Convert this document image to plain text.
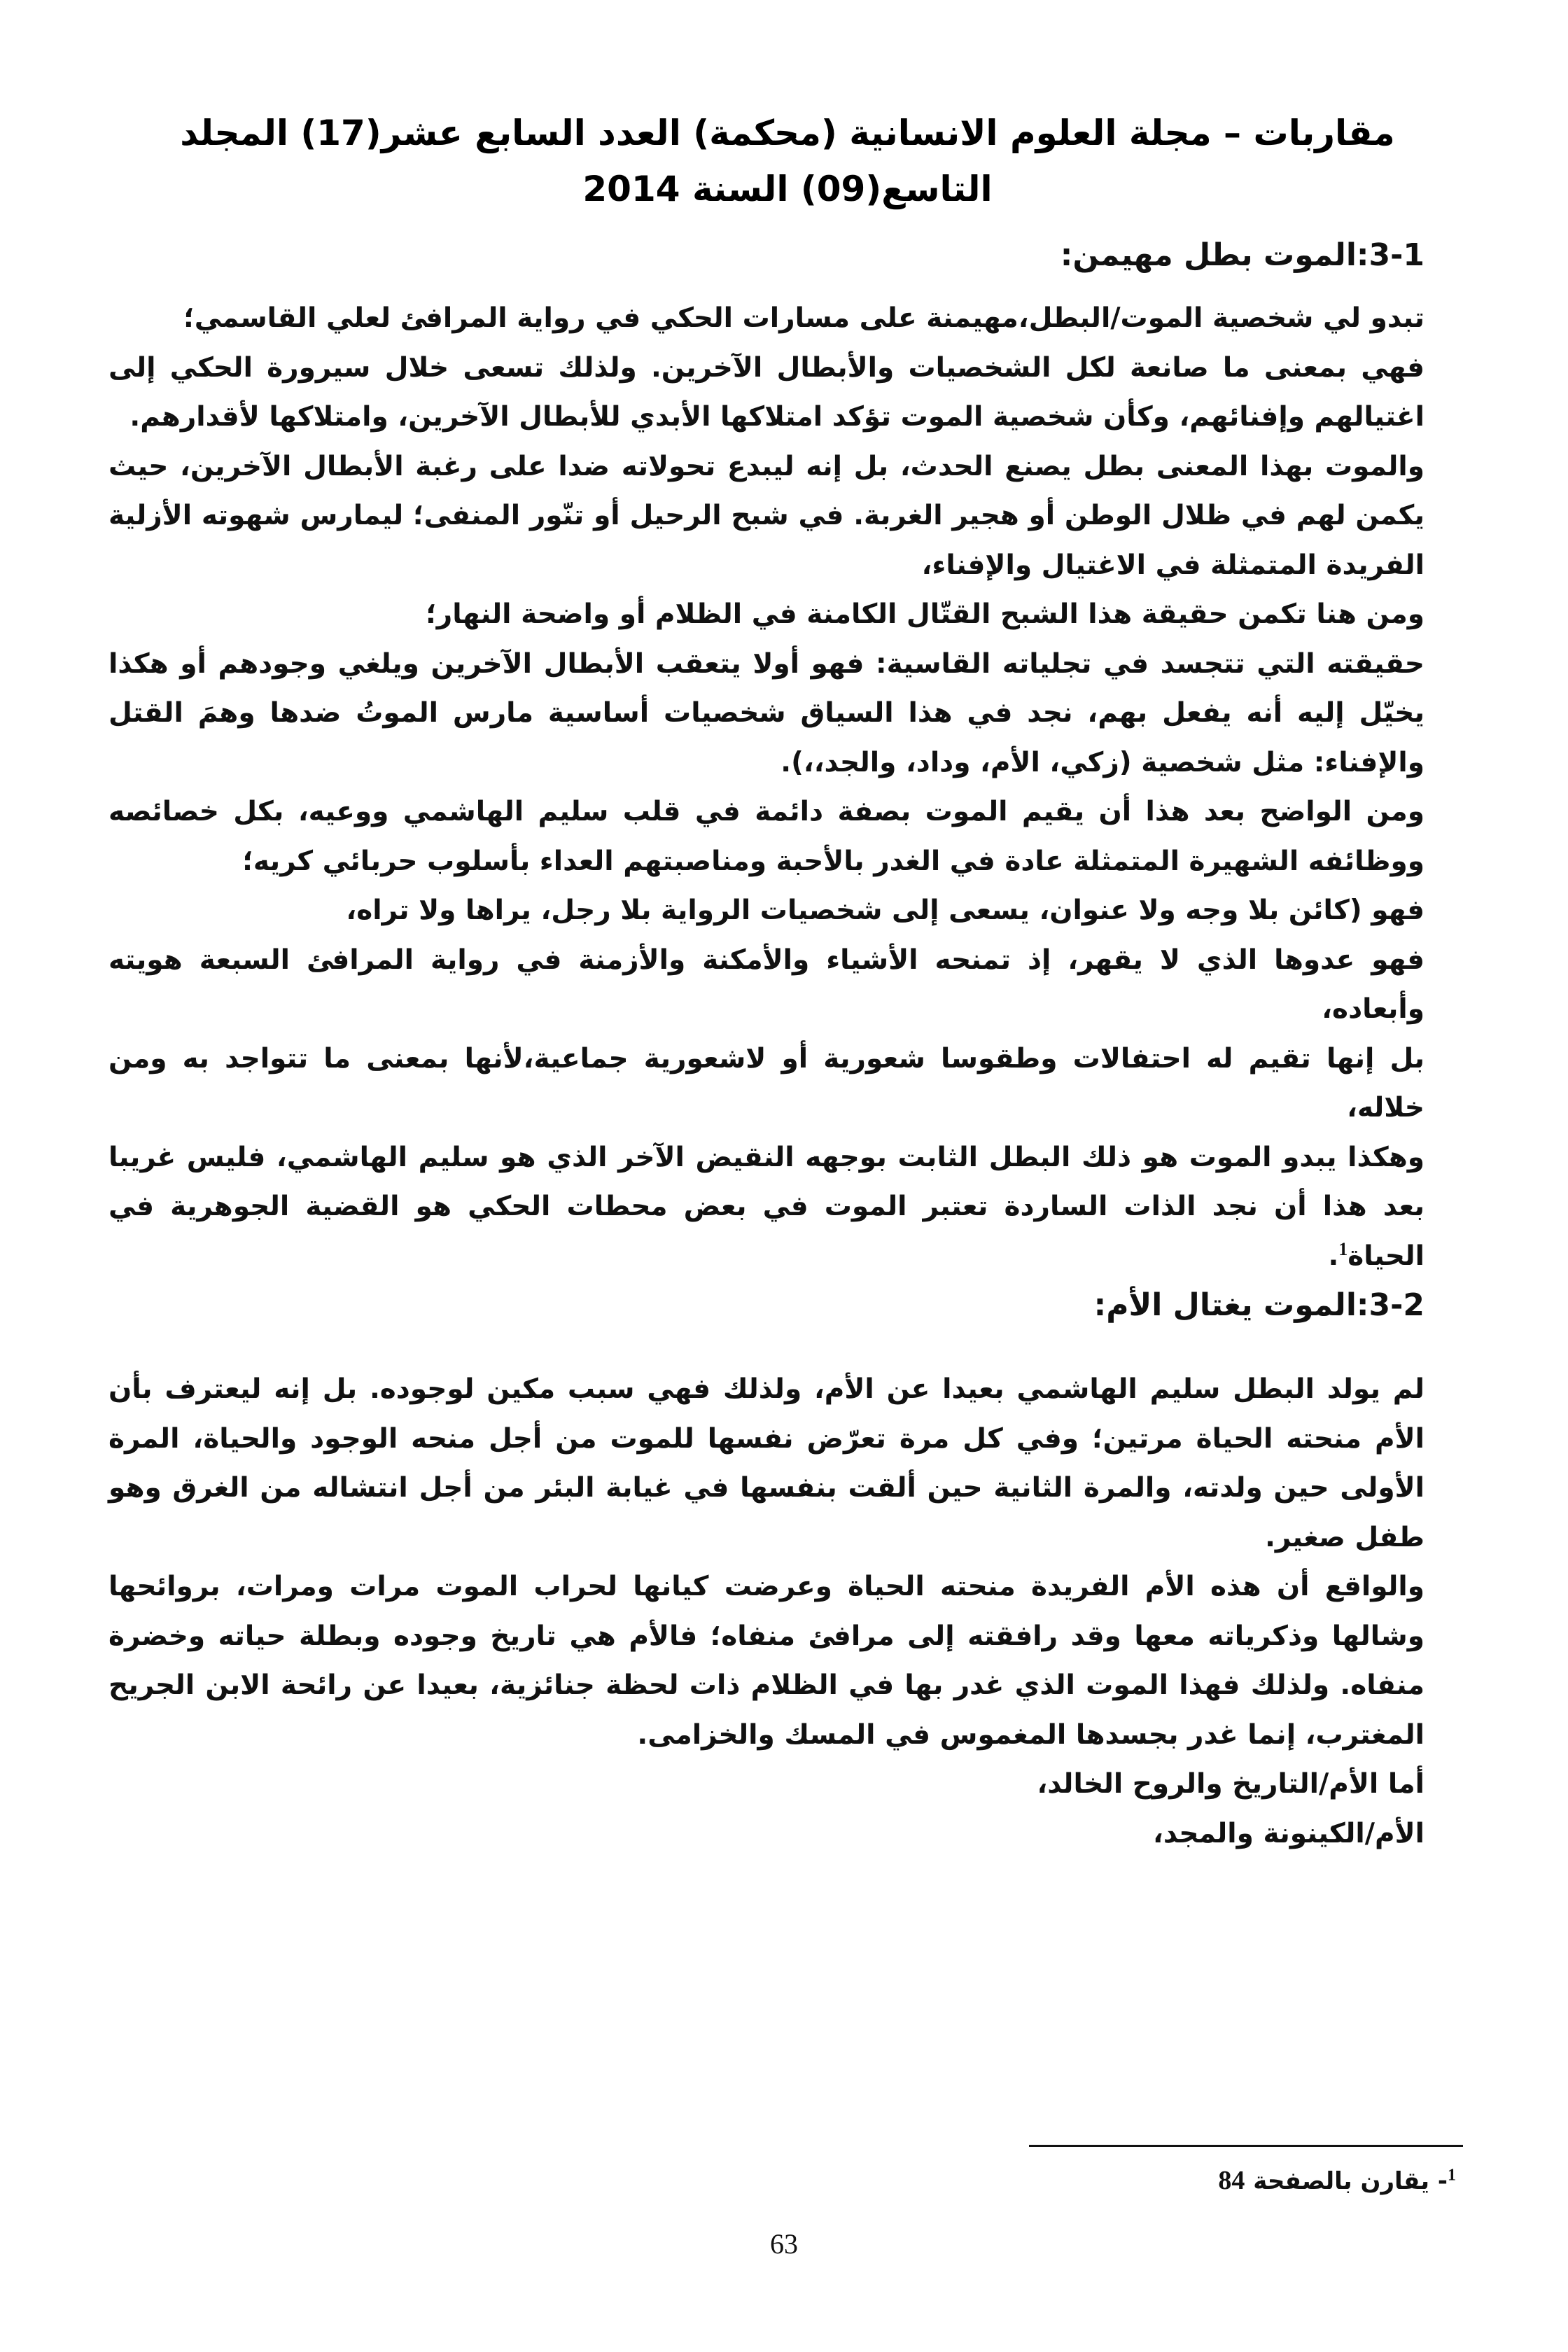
مقاربات – مجلة العلوم الانسانية (محكمة) العدد السابع عشر(17) المجلد التاسع(09) السنة 2014
3-1:الموت بطل مهيمن:

تبدو لي شخصية الموت/البطل،مهيمنة على مسارات الحكي في رواية المرافئ لعلي القاسمي؛

فهي بمعنى ما صانعة لكل الشخصيات والأبطال الآخرين. ولذلك تسعى خلال سيرورة الحكي إلى اغتيالهم وإفنائهم، وكأن شخصية الموت تؤكد امتلاكها الأبدي للأبطال الآخرين، وامتلاكها لأقدارهم.

والموت بهذا المعنى بطل يصنع الحدث، بل إنه ليبدع تحولاته ضدا على رغبة الأبطال الآخرين، حيث يكمن لهم في ظلال الوطن أو هجير الغربة. في شبح الرحيل أو تنّور المنفى؛ ليمارس شهوته الأزلية الفريدة المتمثلة في الاغتيال والإفناء،

ومن هنا تكمن حقيقة هذا الشبح القتّال الكامنة في الظلام أو واضحة النهار؛

حقيقته التي تتجسد في تجلياته القاسية: فهو أولا يتعقب الأبطال الآخرين ويلغي وجودهم أو هكذا يخيّل إليه أنه يفعل بهم، نجد في هذا السياق شخصيات أساسية مارس الموتُ ضدها وهمَ القتل والإفناء: مثل شخصية (زكي، الأم، وداد، والجد،،).

ومن الواضح بعد هذا أن يقيم الموت بصفة دائمة في قلب سليم الهاشمي ووعيه، بكل خصائصه ووظائفه الشهيرة المتمثلة عادة في الغدر بالأحبة ومناصبتهم العداء بأسلوب حربائي كريه؛

فهو (كائن بلا وجه ولا عنوان، يسعى إلى شخصيات الرواية بلا رجل، يراها ولا تراه،

فهو عدوها الذي لا يقهر، إذ تمنحه الأشياء والأمكنة والأزمنة في رواية المرافئ السبعة هويته وأبعاده،

بل إنها تقيم له احتفالات وطقوسا شعورية أو لاشعورية جماعية،لأنها بمعنى ما تتواجد به ومن خلاله،

وهكذا يبدو الموت هو ذلك البطل الثابت بوجهه النقيض الآخر الذي هو سليم الهاشمي، فليس غريبا بعد هذا أن نجد الذات الساردة تعتبر الموت في بعض محطات الحكي هو القضية الجوهرية في الحياة$^1$.

3-2:الموت يغتال الأم:

لم يولد البطل سليم الهاشمي بعيدا عن الأم، ولذلك فهي سبب مكين لوجوده. بل إنه ليعترف بأن الأم منحته الحياة مرتين؛ وفي كل مرة تعرّض نفسها للموت من أجل منحه الوجود والحياة، المرة الأولى حين ولدته، والمرة الثانية حين ألقت بنفسها في غيابة البئر من أجل انتشاله من الغرق وهو طفل صغير.

والواقع أن هذه الأم الفريدة منحته الحياة وعرضت كيانها لحراب الموت مرات ومرات، بروائحها وشالها وذكرياته معها وقد رافقته إلى مرافئ منفاه؛ فالأم هي تاريخ وجوده وبطلة حياته وخضرة منفاه. ولذلك فهذا الموت الذي غدر بها في الظلام ذات لحظة جنائزية، بعيدا عن رائحة الابن الجريح المغترب، إنما غدر بجسدها المغموس في المسك والخزامى.

أما الأم/التاريخ والروح الخالد،

الأم/الكينونة والمجد،

$^1$- يقارن بالصفحة 84
63
